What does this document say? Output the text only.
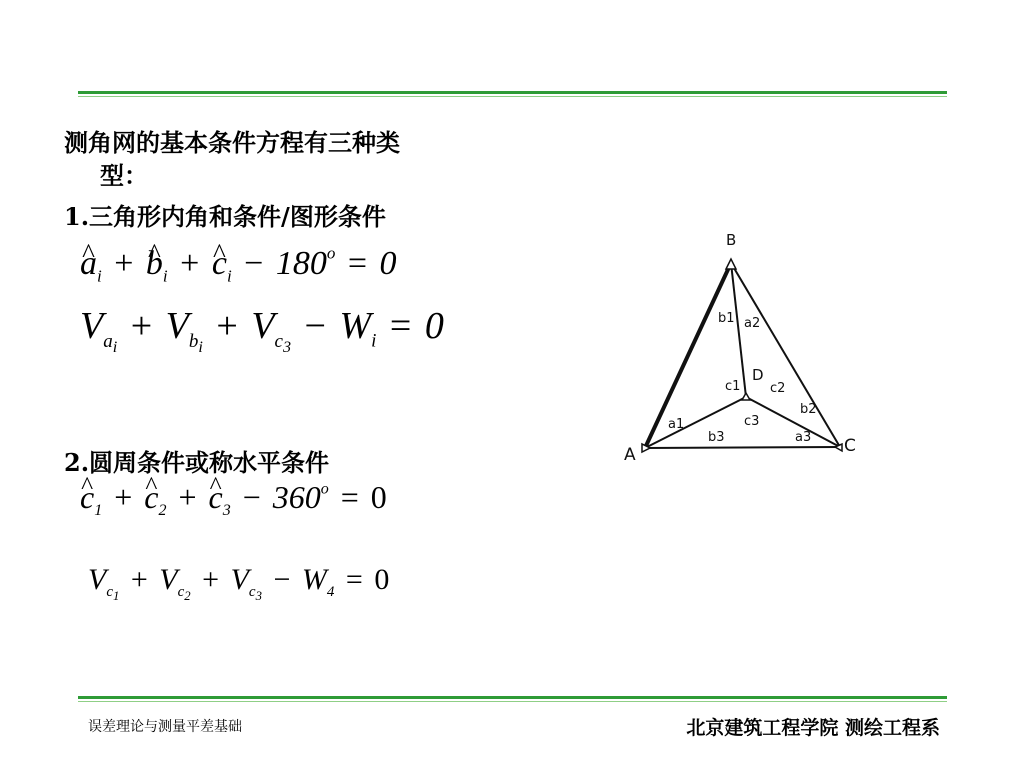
测角网的基本条件方程有三种类
型：
1.三角形内角和条件/图形条件
^ $a_i$ + ^ $b_i$ + ^ $c_i - 180^o = 0$
$V_{a_i} + V_{b_i} + V_{c_3} - W_i = 0$
2.圆周条件或称水平条件
^ $c_1$ + ^ $c_2$ + ^ $c_3 - 360^o = 0$
$V_{c_1} + V_{c_2} + V_{c_3} - W_4 = 0$
B
A	C
D
b1 a2
c1 c2
b2
c3
a1
b3	a3
误差理论与测量平差基础	北京建筑工程学院 测绘工程系
